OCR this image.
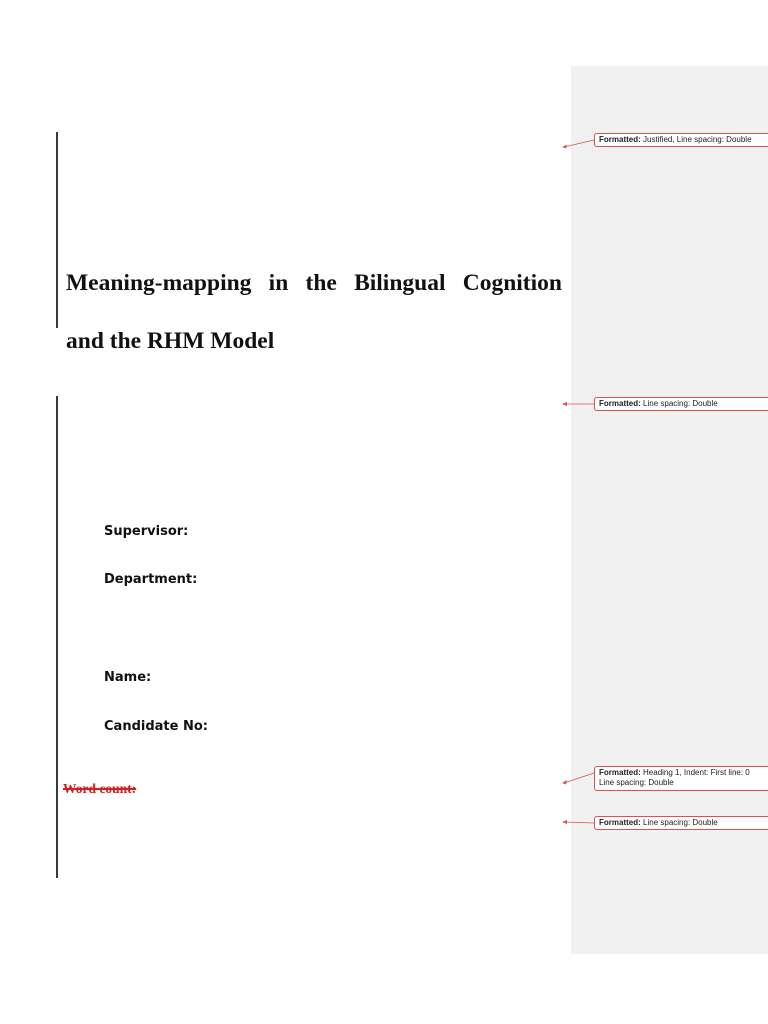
Meaning-mapping in the Bilingual Cognition
and the RHM Model
Supervisor:
Department:
Name:
Candidate No:
Word count:
Formatted: Justified, Line spacing: Double
Formatted: Line spacing: Double
Formatted: Heading 1, Indent: First line: 0
Line spacing: Double
Formatted: Line spacing: Double
